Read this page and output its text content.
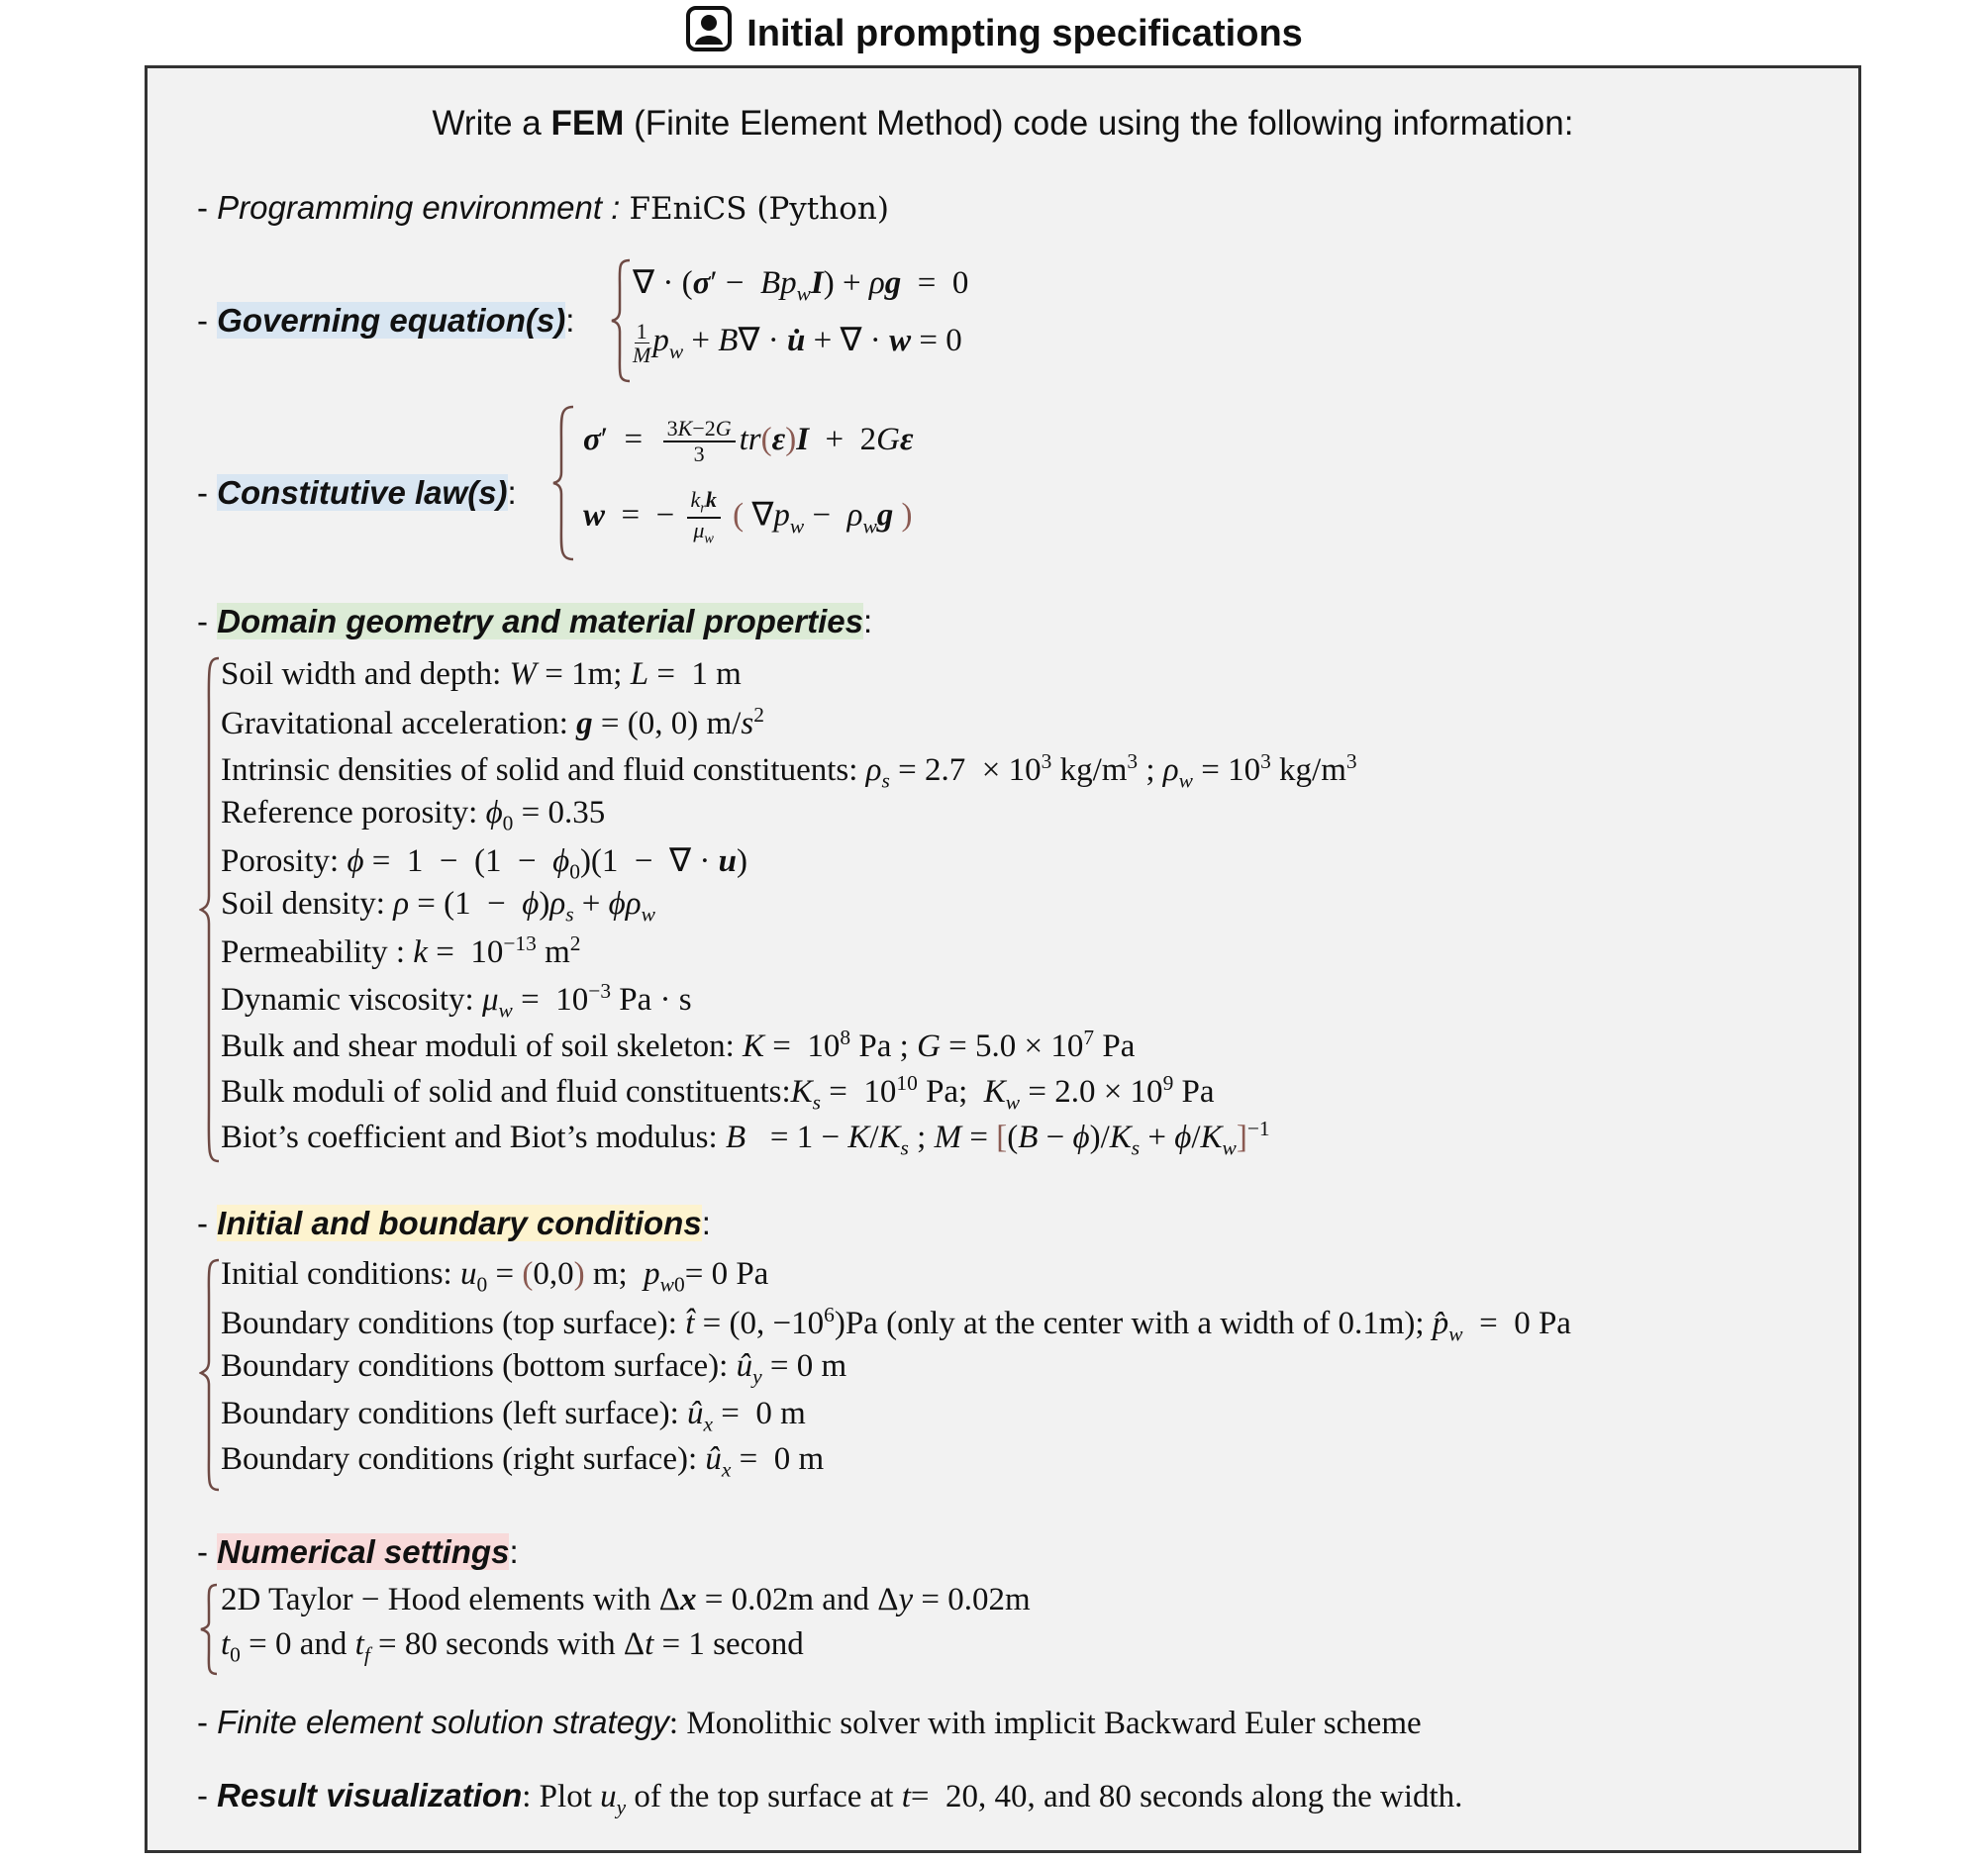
Initial prompting specifications
Write a FEM (Finite Element Method) code using the following information:
- Programming environment : FEniCS (Python)
- Governing equation(s):
∇ · $(\sigma' - Bp_wI) + \rho g = 0$
$\frac{1}{M} p_w + B\nabla$ · u̇ + ∇ · w = 0
- Constitutive law(s):
$\sigma' = \frac{3K-2G}{3} tr(\varepsilon)I + 2G\varepsilon$
w  =  − $\frac{k_rk}{\mu_w}$ ( $\nabla p_w - \rho_wg$ )
- Domain geometry and material properties:
Soil width and depth: W = 1m; L =  1 m
Gravitational acceleration: g = (0, 0) $m/s^2$
Intrinsic densities of solid and fluid constituents: $\rho_s = 2.7 \times 10^3$ $kg/m^3$ ; $\rho_w = 10^3$ $kg/m^3$
Reference porosity: $\phi_0 = 0.35$
Porosity: $\phi = 1 - (1 - \phi_0)(1$  −  ∇ · u)
Soil density: $\rho = (1 - \phi)\rho_s + \phi\rho_w$
Permeability : $k = 10^{-13}$ $m^2$
Dynamic viscosity: $\mu_w = 10^{-3}$ Pa · s
Bulk and shear moduli of soil skeleton: $K = 10^8$ Pa ; $G = 5.0 \times 10^7$ Pa
Bulk moduli of solid and fluid $constituents:K_s = 10^{10}$ Pa;  $K_w = 2.0 \times 10^9$ Pa
Biot’s coefficient and Biot’s modulus: $B = 1 - K/K_s$ ; $M = [(B - \phi)/K_s + \phi/K_w]^{-1}$
- Initial and boundary conditions:
Initial conditions: $u_0 = (0,0)$ m;  $p_{w0}= 0$ Pa
Boundary conditions (top surface): t̂ = (0, $-10^6)Pa$ (only at the center with a width of 0.1m); $p̂_w = 0$ Pa
Boundary conditions (bottom surface): $û_y = 0$ m
Boundary conditions (left surface): $û_x = 0$ m
Boundary conditions (right surface): $û_x = 0$ m
- Numerical settings:
2D Taylor − Hood elements with Δx = 0.02m and Δy = 0.02m
$t_0 = 0$ and $t_f = 80$ seconds with Δt = 1 second
- Finite element solution strategy: Monolithic solver with implicit Backward Euler scheme
- Result visualization: Plot $u_y$ of the top surface at t=  20, 40, and 80 seconds along the width.
